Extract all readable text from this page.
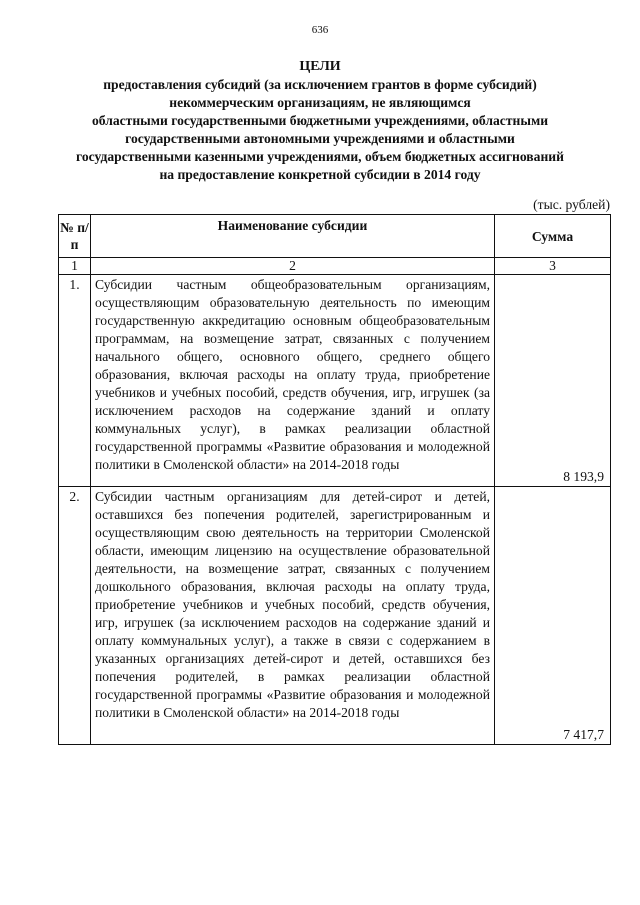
636
ЦЕЛИ
предоставления субсидий (за исключением грантов в форме субсидий)
некоммерческим организациям, не являющимся
областными государственными бюджетными учреждениями, областными
государственными автономными учреждениями и областными
государственными казенными учреждениями, объем бюджетных ассигнований
на предоставление конкретной субсидии в 2014 году
(тыс. рублей)
№ п/п	Наименование субсидии	Сумма
1	2	3
1.	Субсидии частным общеобразовательным организациям, осуществляющим образовательную деятельность по имеющим государственную аккредитацию основным общеобразовательным программам, на возмещение затрат, связанных с получением начального общего, основного общего, среднего общего образования, включая расходы на оплату труда, приобретение учебников и учебных пособий, средств обучения, игр, игрушек (за исключением расходов на содержание зданий и оплату коммунальных услуг), в рамках реализации областной государственной программы «Развитие образования и молодежной политики в Смоленской области» на 2014-2018 годы	8 193,9

2.	Субсидии частным организациям для детей-сирот и детей, оставшихся без попечения родителей, зарегистрированным и осуществляющим свою деятельность на территории Смоленской области, имеющим лицензию на осуществление образовательной деятельности, на возмещение затрат, связанных с получением дошкольного образования, включая расходы на оплату труда, приобретение учебников и учебных пособий, средств обучения, игр, игрушек (за исключением расходов на содержание зданий и оплату коммунальных услуг), а также в связи с содержанием в указанных организациях детей-сирот и детей, оставшихся без попечения родителей, в рамках реализации областной государственной программы «Развитие образования и молодежной политики в Смоленской области» на 2014-2018 годы	7 417,7
